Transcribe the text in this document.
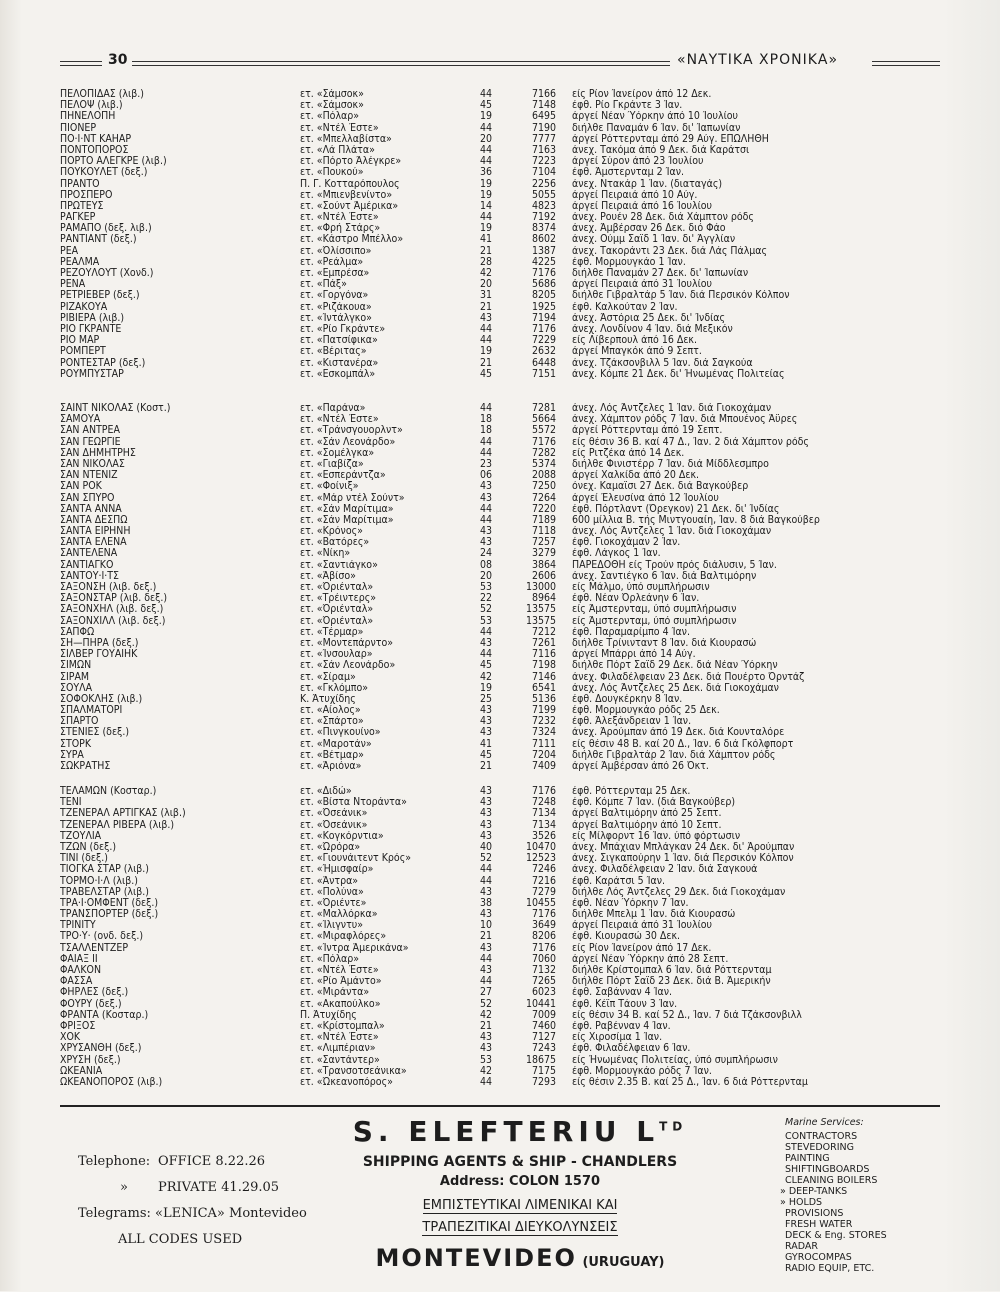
30	«ΝΑΥΤΙΚΑ ΧΡΟΝΙΚΑ»
ΠΕΛΟΠΙΔΑΣ (λιβ.)	ετ. «Σάμσοκ»	44	7166 είς Ρίον Ίανείρον άπό 12 Δεκ.
ΠΕΛΟΨ (λιβ.)	ετ. «Σάμσοκ»	45	7148 έφθ. Ρίο Γκράντε 3 Ίαν.
ΠΗΝΕΛΟΠΗ	ετ. «Πόλαρ»	19	6495 άργεί Νέαν Ύόρκην άπό 10 Ίουλίου
ΠΙΟΝΕΡ	ετ. «Ντέλ Έστε»	44	7190 διήλθε Παναμάν 6 Ίαν. δι' Ίαπωνίαν
ΠΟ·Ι·ΝΤ ΚΑΗΑΡ	ετ. «Μπελλαβίστα»	20	7777 άργεί Ρόττερνταμ άπό 29 Αύγ. ΕΠΩΛΗΘΗ
ΠΟΝΤΟΠΟΡΟΣ	ετ. «Λά Πλάτα»	44	7163 άνεχ. Τακόμα άπό 9 Δεκ. διά Καράτσι
ΠΟΡΤΟ ΑΛΕΓΚΡΕ (λιβ.)	ετ. «Πόρτο Άλέγκρε»	44	7223 άργεί Σύρον άπό 23 Ίουλίου
ΠΟΥΚΟΥΛΕΤ (δεξ.)	ετ. «Πουκού»	36	7104 έφθ. Άμστερνταμ 2 Ίαν.
ΠΡΑΝΤΟ	Π. Γ. Κοτταρόπουλος	19	2256 άνεχ. Ντακάρ 1 Ίαν. (διαταγάς)
ΠΡΟΣΠΕΡΟ	ετ. «Μπιενβενίντο»	19	5055 άργεί Πειραιά άπό 10 Αύγ.
ΠΡΩΤΕΥΣ	ετ. «Σούντ Άμέρικα»	14	4823 άργεί Πειραιά άπό 16 Ίουλίου
ΡΑΓΚΕΡ	ετ. «Ντέλ Έστε»	44	7192 άνεχ. Ρουέν 28 Δεκ. διά Χάμπτον ρόδς
ΡΑΜΑΠΟ (δεξ. λιβ.)	ετ. «Φρή Στάρς»	19	8374 άνεχ. Άμβέρσαν 26 Δεκ. διό Φάο
ΡΑΝΤΙΑΝΤ (δεξ.)	ετ. «Κάστρο Μπέλλο»	41	8602 άνεχ. Ούμμ Σαΐδ 1 Ίαν. δι' Άγγλίαν
ΡΕΑ	ετ. «Όλίσσιπο»	21	1387 άνεχ. Τακοράντι 23 Δεκ. διά Λάς Πάλμας
ΡΕΑΛΜΑ	ετ. «Ρεάλμα»	28	4225 έφθ. Μορμουγκάο 1 Ίαν.
ΡΕΖΟΥΛΟΥΤ (Χονδ.)	ετ. «Εμπρέσα»	42	7176 διήλθε Παναμάν 27 Δεκ. δι' Ίαπωνίαν
ΡΕΝΑ	ετ. «Πάξ»	20	5686 άργεί Πειραιά άπό 31 Ίουλίου
ΡΕΤΡΙΕΒΕΡ (δεξ.)	ετ. «Γοργόνα»	31	8205 διήλθε Γιβραλτάρ 5 Ίαν. διά Περσικόν Κόλπον
ΡΙΖΑΚΟΥΑ	ετ. «Ριζάκουα»	21	1925 έφθ. Καλκούταν 2 Ίαν.
ΡΙΒΙΕΡΑ (λιβ.)	ετ. «Ίντάλγκο»	43	7194 άνεχ. Άστόρια 25 Δεκ. δι' Ίνδίας
ΡΙΟ ΓΚΡΑΝΤΕ	ετ. «Ρίο Γκράντε»	44	7176 άνεχ. Λονδίνον 4 Ίαν. διά Μεξικόν
ΡΙΟ ΜΑΡ	ετ. «Πατσίφικα»	44	7229 είς Λίβερπουλ άπό 16 Δεκ.
ΡΟΜΠΕΡΤ	ετ. «Βέριτας»	19	2632 άργεί Μπαγκόκ άπό 9 Σεπτ.
ΡΟΝΤΕΣΤΑΡ (δεξ.)	ετ. «Κιστανέρα»	21	6448 άνεχ. Τζάκσονβιλλ 5 Ίαν. διά Σαγκούα
ΡΟΥΜΠΥΣΤΑΡ	ετ. «Εσκομπάλ»	45	7151 άνεχ. Κόμπε 21 Δεκ. δι' Ήνωμένας Πολιτείας
ΣΑΙΝΤ ΝΙΚΟΛΑΣ (Κοστ.)	ετ. «Παράνα»	44	7281 άνεχ. Λός Άντζελες 1 Ίαν. διά Γιοκοχάμαν
ΣΑΜΟΥΑ	ετ. «Ντέλ Έστε»	18	5664 άνεχ. Χάμπτον ρόδς 7 Ίαν. διά Μπουένος Άϋρες
ΣΑΝ ΑΝΤΡΕΑ	ετ. «Τράνσγουορλντ»	18	5572 άργεί Ρόττερνταμ άπό 19 Σεπτ.
ΣΑΝ ΓΕΩΡΓΙΕ	ετ. «Σάν Λεονάρδο»	44	7176 είς θέσιν 36 Β. καί 47 Δ., Ίαν. 2 διά Χάμπτον ρόδς
ΣΑΝ ΔΗΜΗΤΡΗΣ	ετ. «Σομέλγκα»	44	7282 είς Ριτζέκα άπό 14 Δεκ.
ΣΑΝ ΝΙΚΟΛΑΣ	ετ. «Γιαβίζα»	23	5374 διήλθε Φινιστέρρ 7 Ίαν. διά Μίδδλεσμπρο
ΣΑΝ ΝΤΕΝΙΖ	ετ. «Εσπεράντζα»	06	2088 άργεί Χαλκίδα άπό 20 Δεκ.
ΣΑΝ ΡΟΚ	ετ. «Φοίνιξ»	43	7250 όνεχ. Καμαΐσι 27 Δεκ. διά Βαγκούβερ
ΣΑΝ ΣΠΥΡΟ	ετ. «Μάρ ντέλ Σούντ»	43	7264 άργεί Έλευσίνα άπό 12 Ίουλίου
ΣΑΝΤΑ ΑΝΝΑ	ετ. «Σάν Μαρίτιμα»	44	7220 έφθ. Πόρτλαντ (Όρεγκον) 21 Δεκ. δι' Ίνδίας
ΣΑΝΤΑ ΔΕΣΠΩ	ετ. «Σάν Μαρίτιμα»	44	7189 600 μίλλια Β. τής Μιντγουαίη, Ίαν. 8 διά Βαγκούβερ
ΣΑΝΤΑ ΕΙΡΗΝΗ	ετ. «Κρόνος»	43	7118 άνεχ. Λός Άντζελες 1 Ίαν. διά Γιοκοχάμαν
ΣΑΝΤΑ ΕΛΕΝΑ	ετ. «Βατόρες»	43	7257 έφθ. Γιοκοχάμαν 2 Ίαν.
ΣΑΝΤΕΛΕΝΑ	ετ. «Νίκη»	24	3279 έφθ. Λάγκος 1 Ίαν.
ΣΑΝΤΙΑΓΚΟ	ετ. «Σαντιάγκο»	08	3864 ΠΑΡΕΔΟΘΗ είς Τρούν πρός διάλυσιν, 5 Ίαν.
ΣΑΝΤΟΥ·Ι·ΤΣ	ετ. «Άβίσο»	20	2606 άνεχ. Σαντιέγκο 6 Ίαν. διά Βαλτιμόρην
ΣΑΞΟΝΣΗ (λιβ. δεξ.)	ετ. «Όριένταλ»	53	13000 είς Μάλμο, ύπό συμπλήρωσιν
ΣΑΞΟΝΣΤΑΡ (λιβ. δεξ.)	ετ. «Τρέιντερς»	22	8964 έφθ. Νέαν Όρλεάνην 6 Ίαν.
ΣΑΞΟΝΧΗΛ (λιβ. δεξ.)	ετ. «Όριένταλ»	52	13575 είς Άμστερνταμ, ύπό συμπλήρωσιν
ΣΑΞΟΝΧΙΛΛ (λιβ. δεξ.)	ετ. «Όριένταλ»	53	13575 είς Άμστερνταμ, ύπό συμπλήρωσιν
ΣΑΠΦΩ	ετ. «Τέρμαρ»	44	7212 έφθ. Παραμαρίμπο 4 Ίαν.
ΣΗ—ΠΗΡΑ (δεξ.)	ετ. «Μοντεπάρντο»	43	7261 διήλθε Τρίνινταντ 8 Ίαν. διά Κιουρασώ
ΣΙΛΒΕΡ ΓΟΥΑΙΗΚ	ετ. «Ίνσουλαρ»	44	7116 άργεί Μπάρρι άπό 14 Αύγ.
ΣΙΜΩΝ	ετ. «Σάν Λεονάρδο»	45	7198 διήλθε Πόρτ Σαΐδ 29 Δεκ. διά Νέαν Ύόρκην
ΣΙΡΑΜ	ετ. «Σίραμ»	42	7146 άνεχ. Φιλαδέλφειαν 23 Δεκ. διά Πουέρτο Όρντάζ
ΣΟΥΛΑ	ετ. «Γκλόμπο»	19	6541 άνεχ. Λός Άντζελες 25 Δεκ. διά Γιοκοχάμαν
ΣΟΦΟΚΛΗΣ (λιβ.)	Κ. Άτυχίδης	25	5136 έφθ. Δουγκέρκην 8 Ίαν.
ΣΠΑΛΜΑΤΟΡΙ	ετ. «Αίολος»	43	7199 έφθ. Μορμουγκάο ρόδς 25 Δεκ.
ΣΠΑΡΤΟ	ετ. «Σπάρτο»	43	7232 έφθ. Άλεξάνδρειαν 1 Ίαν.
ΣΤΕΝΙΕΣ (δεξ.)	ετ. «Πινγκουίνο»	43	7324 άνεχ. Άρούμπαν άπό 19 Δεκ. διά Κουνταλόρε
ΣΤΟΡΚ	ετ. «Μαροτάν»	41	7111 είς θέσιν 48 Β. καί 20 Δ., Ίαν. 6 διά Γκόλφπορτ
ΣΥΡΑ	ετ. «Βέτμαρ»	45	7204 διήλθε Γιβραλτάρ 2 Ίαν. διά Χάμπτον ρόδς
ΣΩΚΡΑΤΗΣ	ετ. «Άριόνα»	21	7409 άργεί Άμβέρσαν άπό 26 Όκτ.
ΤΕΛΑΜΩΝ (Κοσταρ.)	ετ. «Διδώ»	43	7176 έφθ. Ρόττερνταμ 25 Δεκ.
ΤΕΝΙ	ετ. «Βίστα Ντοράντα»	43	7248 έφθ. Κόμπε 7 Ίαν. (διά Βαγκούβερ)
ΤΖΕΝΕΡΑΛ ΑΡΤΙΓΚΑΣ (λιβ.)	ετ. «Όσεάνικ»	43	7134 άργεί Βαλτιμόρην άπό 25 Σεπτ.
ΤΖΕΝΕΡΑΛ ΡΙΒΕΡΑ (λιβ.)	ετ. «Όσεάνικ»	43	7134 άργεί Βαλτιμόρην άπό 10 Σεπτ.
ΤΖΟΥΛΙΑ	ετ. «Κογκόρντια»	43	3526 είς Μίλφορντ 16 Ίαν. ύπό φόρτωσιν
ΤΖΩΝ (δεξ.)	ετ. «Ώρόρα»	40	10470 άνεχ. Μπάχιαν Μπλάγκαν 24 Δεκ. δι' Άρούμπαν
ΤΙΝΙ (δεξ.)	ετ. «Γιουνάιτεντ Κρός»	52	12523 άνεχ. Σιγκαπούρην 1 Ίαν. διά Περσικόν Κόλπον
ΤΙΟΓΚΑ ΣΤΑΡ (λιβ.)	ετ. «Ήμισφαίρ»	44	7246 άνεχ. Φιλαδέλφειαν 2 Ίαν. διά Σαγκουά
ΤΟΡΜΟ·Ι·Λ (λιβ.)	ετ. «Άντρα»	44	7216 έφθ. Καράτσι 5 Ίαν.
ΤΡΑΒΕΛΣΤΑΡ (λιβ.)	ετ. «Πολύνα»	43	7279 διήλθε Λός Άντζελες 29 Δεκ. διά Γιοκοχάμαν
ΤΡΑ·Ι·ΟΜΦΕΝΤ (δεξ.)	ετ. «Όριέντε»	38	10455 έφθ. Νέαν Ύόρκην 7 Ίαν.
ΤΡΑΝΣΠΟΡΤΕΡ (δεξ.)	ετ. «Μαλλόρκα»	43	7176 διήλθε Μπελμ 1 Ίαν. διά Κιουρασώ
ΤΡΙΝΙΤΥ	ετ. «Ίλιγντυ»	10	3649 άργεί Πειραιά άπό 31 Ίουλίου
ΤΡΟ·Υ· (ονδ. δεξ.)	ετ. «Μιραφλόρες»	21	8206 έφθ. Κιουρασώ 30 Δεκ.
ΤΣΑΛΛΕΝΤΖΕΡ	ετ. «Ίντρα Άμερικάνα»	43	7176 είς Ρίον Ίανείρον άπό 17 Δεκ.
ΦΑΙΑΞ ΙΙ	ετ. «Πόλαρ»	44	7060 άργεί Νέαν Ύόρκην άπό 28 Σεπτ.
ΦΑΛΚΟΝ	ετ. «Ντέλ Έστε»	43	7132 διήλθε Κρίστομπαλ 6 Ίαν. διά Ρόττερνταμ
ΦΑΣΣΑ	ετ. «Ρίο Άμάντο»	44	7265 διήλθε Πόρτ Σαΐδ 23 Δεκ. διά Β. Άμερικήν
ΦΗΡΛΕΣ (δεξ.)	ετ. «Μιράντα»	27	6023 έφθ. Σαβάνναν 4 Ίαν.
ΦΟΥΡΥ (δεξ.)	ετ. «Ακαπούλκο»	52	10441 έφθ. Κέϊπ Τάουν 3 Ίαν.
ΦΡΑΝΤΑ (Κοσταρ.)	Π. Άτυχίδης	42	7009 είς θέσιν 34 Β. καί 52 Δ., Ίαν. 7 διά Τζάκσονβιλλ
ΦΡΙΞΟΣ	ετ. «Κρίστομπαλ»	21	7460 έφθ. Ραβένναν 4 Ίαν.
ΧΟΚ	ετ. «Ντέλ Έστε»	43	7127 είς Χιροσίμα 1 Ίαν.
ΧΡΥΣΑΝΘΗ (δεξ.)	ετ. «Λιμπέριαν»	43	7243 έφθ. Φιλαδέλφειαν 6 Ίαν.
ΧΡΥΣΗ (δεξ.)	ετ. «Σαντάντερ»	53	18675 είς Ήνωμένας Πολιτείας, ύπό συμπλήρωσιν
ΩΚΕΑΝΙΑ	ετ. «Τρανσοτσεάνικα»	42	7175 έφθ. Μορμουγκάο ρόδς 7 Ίαν.
ΩΚΕΑΝΟΠΟΡΟΣ (λιβ.)	ετ. «Ώκεανοπόρος»	44	7293 είς θέσιν 2.35 Β. καί 25 Δ., Ίαν. 6 διά Ρόττερνταμ
Telephone: OFFICE 8.22.26
» PRIVATE 41.29.05
Telegrams: «LENICA» Montevideo
ALL CODES USED
S. ELEFTERIU $L^{TD}$
SHIPPING AGENTS & SHIP - CHANDLERS
Address: COLON 1570
ΕΜΠΙΣΤΕΥΤΙΚΑΙ ΛΙΜΕΝΙΚΑΙ ΚΑΙ
ΤΡΑΠΕΖΙΤΙΚΑΙ ΔΙΕΥΚΟΛΥΝΣΕΙΣ
MONTEVIDEO (URUGUAY)
Marine Services:
CONTRACTORS
STEVEDORING
PAINTING
SHIFTINGBOARDS
CLEANING BOILERS
» DEEP-TANKS
» HOLDS
PROVISIONS
FRESH WATER
DECK & Eng. STORES
RADAR
GYROCOMPAS
RADIO EQUIP, ETC.
